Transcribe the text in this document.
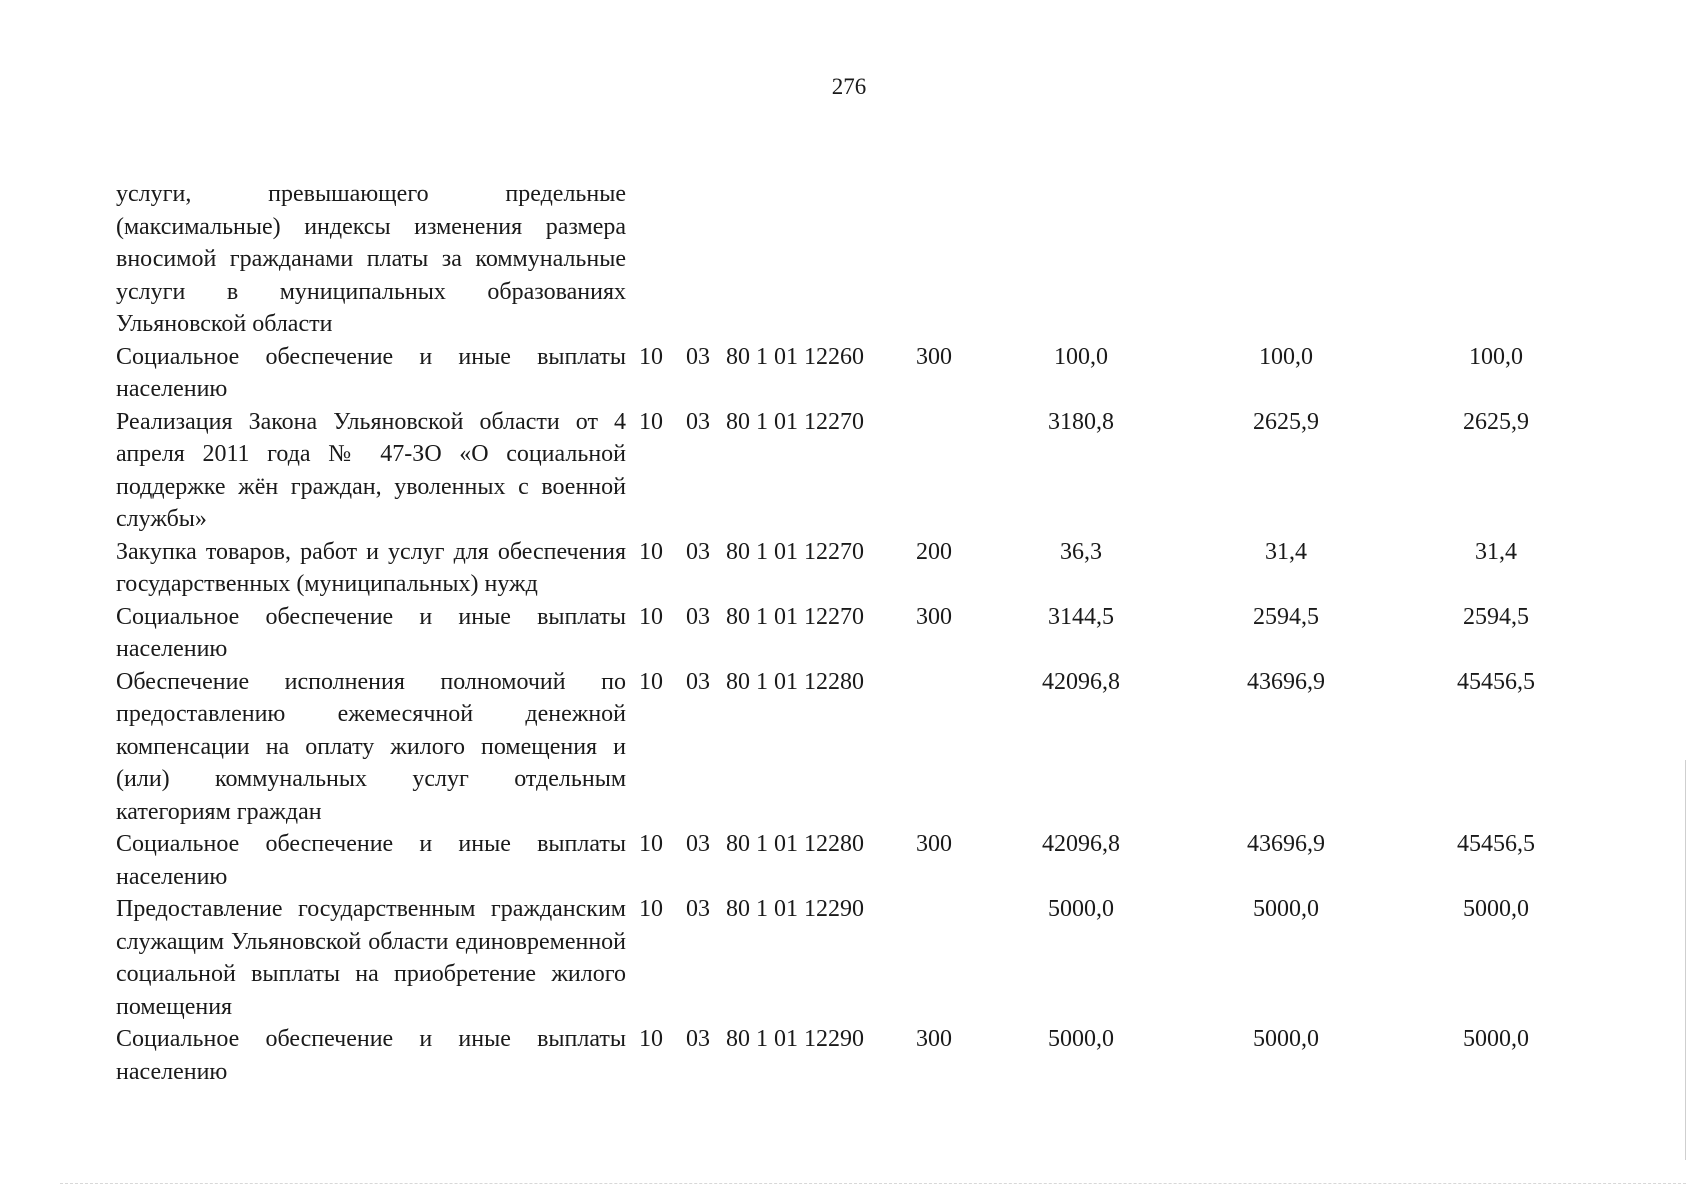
276
услуги, превышающего предельные (максимальные) индексы изменения размера вносимой гражданами платы за коммунальные услуги в муниципальных образованиях Ульяновской области							
Социальное обеспечение и иные выплаты населению	10	03	80 1 01 12260	300	100,0	100,0	100,0
Реализация Закона Ульяновской области от 4 апреля 2011 года № 47-ЗО «О социальной поддержке жён граждан, уволенных с военной службы»	10	03	80 1 01 12270		3180,8	2625,9	2625,9
Закупка товаров, работ и услуг для обеспечения государственных (муниципальных) нужд	10	03	80 1 01 12270	200	36,3	31,4	31,4
Социальное обеспечение и иные выплаты населению	10	03	80 1 01 12270	300	3144,5	2594,5	2594,5
Обеспечение исполнения полномочий по предоставлению ежемесячной денежной компенсации на оплату жилого помещения и (или) коммунальных услуг отдельным категориям граждан	10	03	80 1 01 12280		42096,8	43696,9	45456,5
Социальное обеспечение и иные выплаты населению	10	03	80 1 01 12280	300	42096,8	43696,9	45456,5
Предоставление государственным гражданским служащим Ульяновской области единовременной социальной выплаты на приобретение жилого помещения	10	03	80 1 01 12290		5000,0	5000,0	5000,0
Социальное обеспечение и иные выплаты населению	10	03	80 1 01 12290	300	5000,0	5000,0	5000,0
